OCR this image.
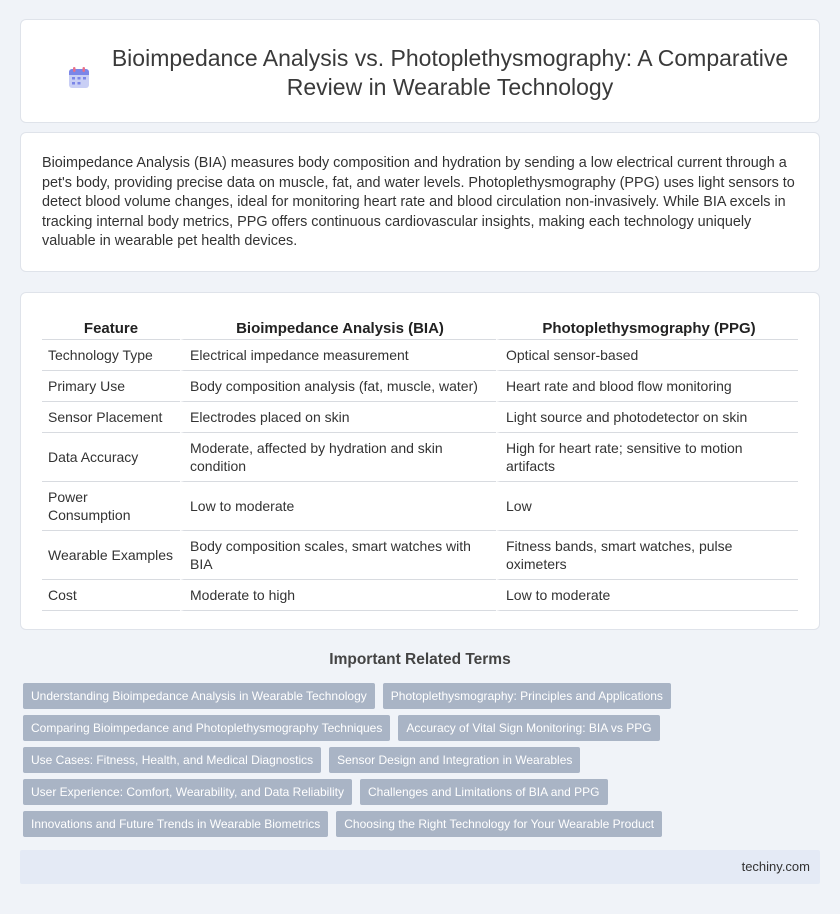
Bioimpedance Analysis vs. Photoplethysmography: A Comparative Review in Wearable Technology

Bioimpedance Analysis (BIA) measures body composition and hydration by sending a low electrical current through a pet's body, providing precise data on muscle, fat, and water levels. Photoplethysmography (PPG) uses light sensors to detect blood volume changes, ideal for monitoring heart rate and blood circulation non-invasively. While BIA excels in tracking internal body metrics, PPG offers continuous cardiovascular insights, making each technology uniquely valuable in wearable pet health devices.

Feature	Bioimpedance Analysis (BIA)	Photoplethysmography (PPG)
Technology Type	Electrical impedance measurement	Optical sensor-based
Primary Use	Body composition analysis (fat, muscle, water)	Heart rate and blood flow monitoring
Sensor Placement	Electrodes placed on skin	Light source and photodetector on skin
Data Accuracy	Moderate, affected by hydration and skin condition	High for heart rate; sensitive to motion artifacts
Power Consumption	Low to moderate	Low
Wearable Examples	Body composition scales, smart watches with BIA	Fitness bands, smart watches, pulse oximeters
Cost	Moderate to high	Low to moderate
Important Related Terms
Understanding Bioimpedance Analysis in Wearable Technology	Photoplethysmography: Principles and Applications
Comparing Bioimpedance and Photoplethysmography Techniques	Accuracy of Vital Sign Monitoring: BIA vs PPG
Use Cases: Fitness, Health, and Medical Diagnostics	Sensor Design and Integration in Wearables
User Experience: Comfort, Wearability, and Data Reliability	Challenges and Limitations of BIA and PPG
Innovations and Future Trends in Wearable Biometrics	Choosing the Right Technology for Your Wearable Product
techiny.com
